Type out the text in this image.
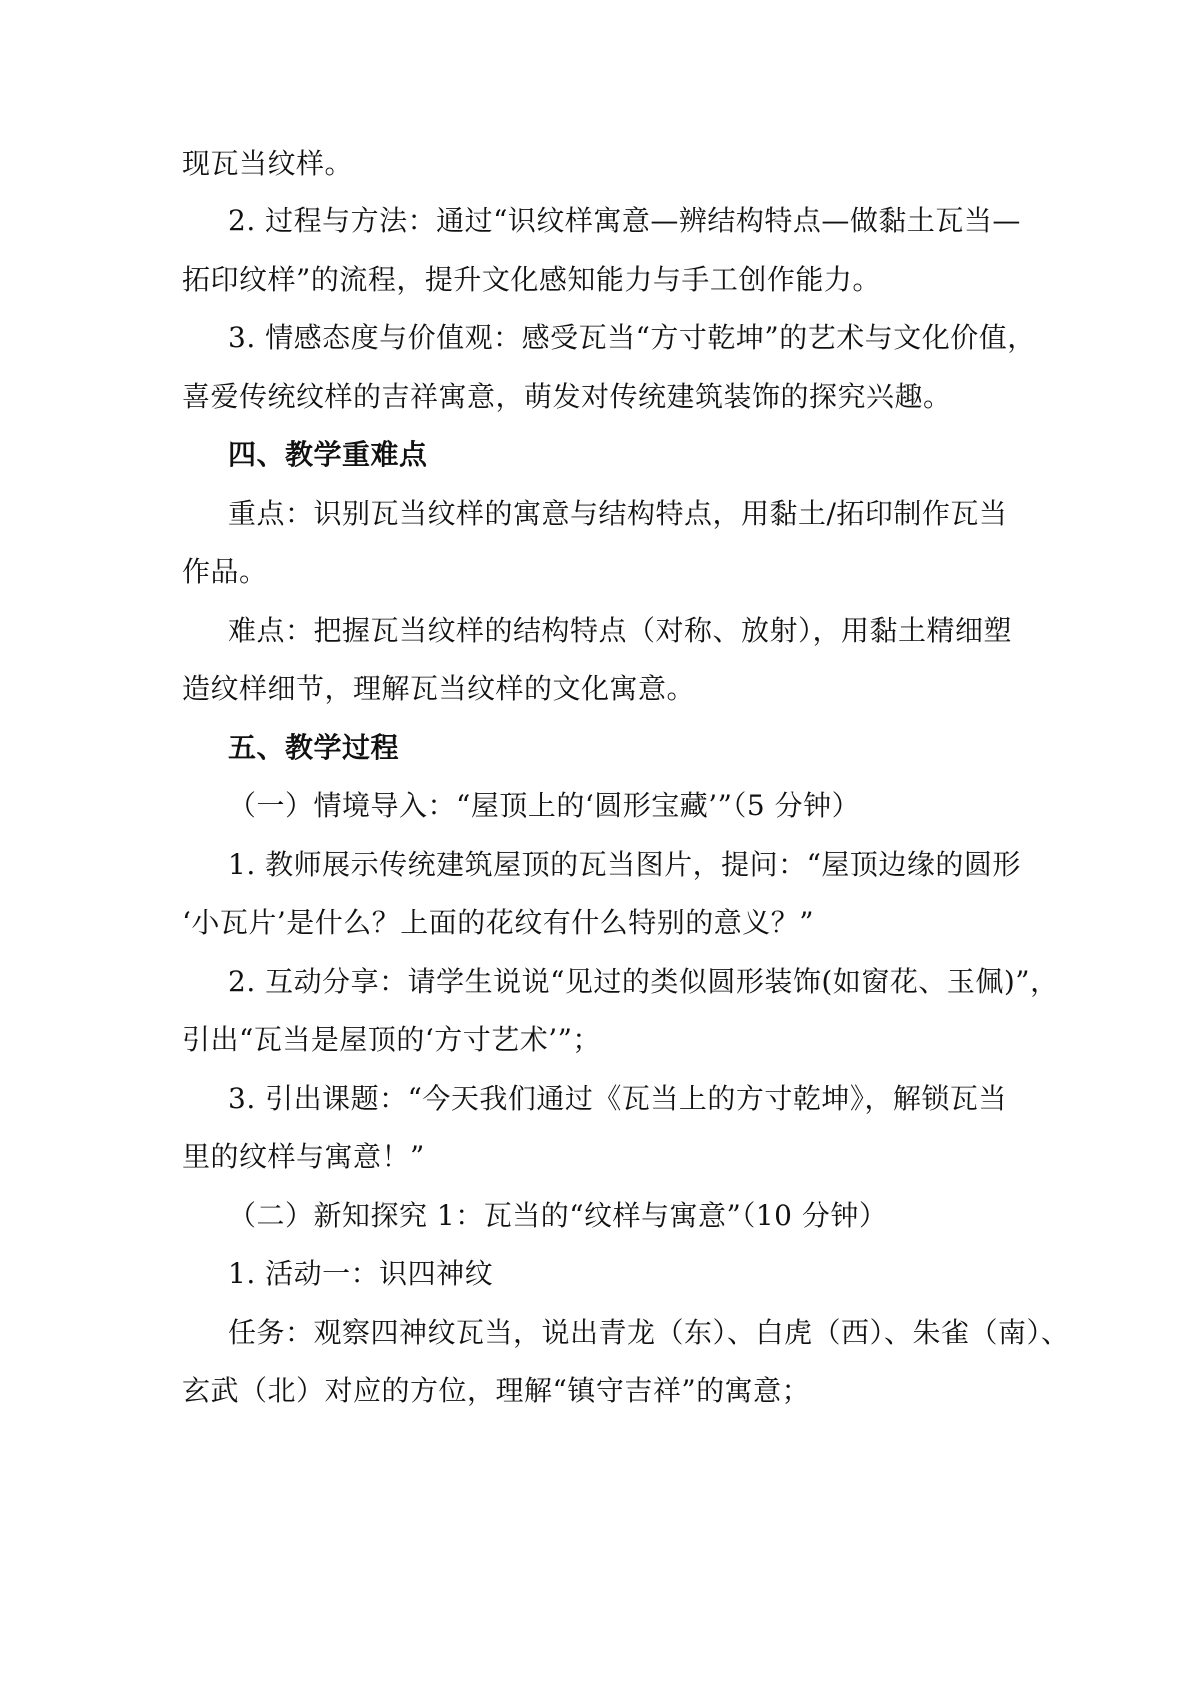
现瓦当纹样。
2. 过程与方法：通过“识纹样寓意—辨结构特点—做黏土瓦当—
拓印纹样”的流程，提升文化感知能力与手工创作能力。
3. 情感态度与价值观：感受瓦当“方寸乾坤”的艺术与文化价值，
喜爱传统纹样的吉祥寓意，萌发对传统建筑装饰的探究兴趣。
四、教学重难点
重点：识别瓦当纹样的寓意与结构特点，用黏土/拓印制作瓦当
作品。
难点：把握瓦当纹样的结构特点（对称、放射），用黏土精细塑
造纹样细节，理解瓦当纹样的文化寓意。
五、教学过程
（一）情境导入：“屋顶上的‘圆形宝藏’”（5 分钟）
1. 教师展示传统建筑屋顶的瓦当图片，提问：“屋顶边缘的圆形
‘小瓦片’是什么？上面的花纹有什么特别的意义？”
2. 互动分享：请学生说说“见过的类似圆形装饰(如窗花、玉佩)”，
引出“瓦当是屋顶的‘方寸艺术’”；
3. 引出课题：“今天我们通过《瓦当上的方寸乾坤》，解锁瓦当
里的纹样与寓意！”
（二）新知探究 1：瓦当的“纹样与寓意”（10 分钟）
1. 活动一：识四神纹
任务：观察四神纹瓦当，说出青龙（东）、白虎（西）、朱雀（南）、
玄武（北）对应的方位，理解“镇守吉祥”的寓意；
